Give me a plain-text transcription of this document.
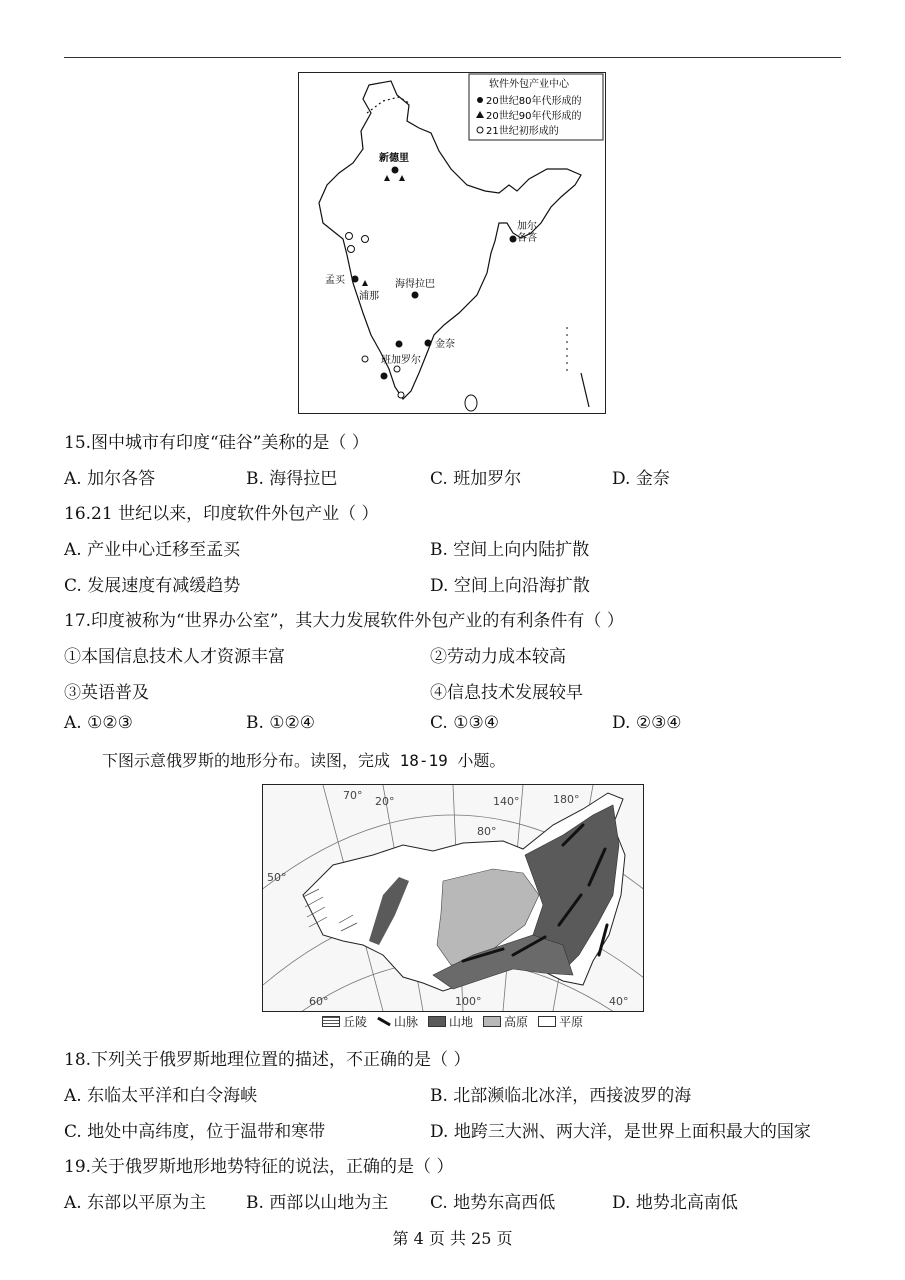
软件外包产业中心
20世纪80年代形成的
20世纪90年代形成的
21世纪初形成的
新德里
加尔
各答
孟买
浦那
海得拉巴
金奈
班加罗尔
15.图中城市有印度“硅谷”美称的是（ ）
A. 加尔各答	B. 海得拉巴	C. 班加罗尔	D. 金奈
16.21 世纪以来，印度软件外包产业（ ）
A. 产业中心迁移至孟买	B. 空间上向内陆扩散
C. 发展速度有减缓趋势	D. 空间上向沿海扩散
17.印度被称为“世界办公室”，其大力发展软件外包产业的有利条件有（ ）
①本国信息技术人才资源丰富	②劳动力成本较高
③英语普及	④信息技术发展较早
A. ①②③	B. ①②④	C. ①③④	D. ②③④
下图示意俄罗斯的地形分布。读图，完成 18-19 小题。
70° 20°	140°	180°
80°
50°
60°	100°	40°
丘陵 山脉	山地	高原	平原
18.下列关于俄罗斯地理位置的描述，不正确的是（ ）
A. 东临太平洋和白令海峡	B. 北部濒临北冰洋，西接波罗的海
C. 地处中高纬度，位于温带和寒带	D. 地跨三大洲、两大洋，是世界上面积最大的国家
19.关于俄罗斯地形地势特征的说法，正确的是（ ）
A. 东部以平原为主 B. 西部以山地为主 C. 地势东高西低	D. 地势北高南低
第 4 页 共 25 页
